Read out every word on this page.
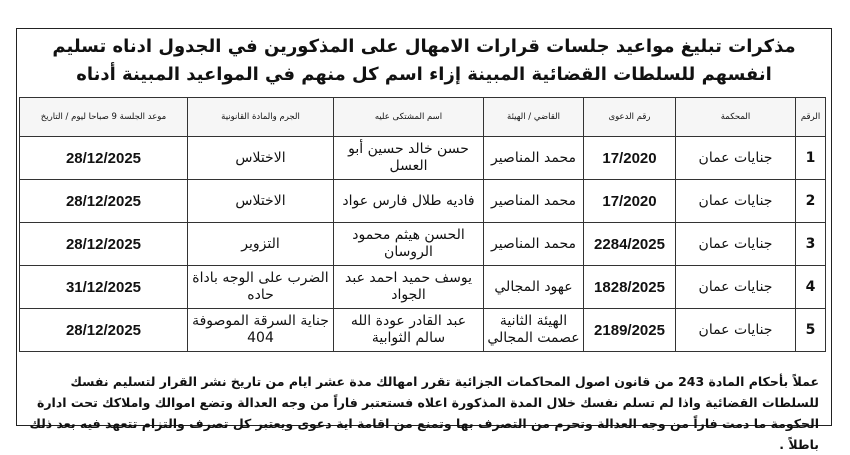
مذكرات تبليغ مواعيد جلسات قرارات الامهال على المذكورين في الجدول ادناه تسليم انفسهم للسلطات القضائية المبينة إزاء اسم كل منهم في المواعيد المبينة أدناه

الرقم	المحكمة	رقم الدعوى	القاضي / الهيئة	اسم المشتكى عليه	الجرم والمادة القانونية	موعد الجلسة 9 صباحا ليوم / التاريخ
1	جنايات عمان	17/2020	محمد المناصير	حسن خالد حسين أبو العسل	الاختلاس	28/12/2025
2	جنايات عمان	17/2020	محمد المناصير	فاديه طلال فارس عواد	الاختلاس	28/12/2025
3	جنايات عمان	2284/2025	محمد المناصير	الحسن هيثم محمود الروسان	التزوير	28/12/2025
4	جنايات عمان	1828/2025	عهود المجالي	يوسف حميد احمد عبد الجواد	الضرب على الوجه باداة حاده	31/12/2025
5	جنايات عمان	2189/2025	الهيئة الثانية عصمت المجالي	عبد القادر عودة الله سالم الثوابية	جناية السرقة الموصوفة 404	28/12/2025

عملاً بأحكام المادة 243 من قانون اصول المحاكمات الجزائية تقرر امهالك مدة عشر ايام من تاريخ نشر القرار لتسليم نفسك للسلطات القضائية واذا لم تسلم نفسك خلال المدة المذكورة اعلاه فستعتبر فاراً من وجه العدالة وتضع اموالك واملاكك تحت ادارة الحكومة ما دمت فاراً من وجه العدالة وتحرم من التصرف بها وتمنع من اقامة اية دعوى ويعتبر كل تصرف والتزام تتعهد فيه بعد ذلك باطلاً .
